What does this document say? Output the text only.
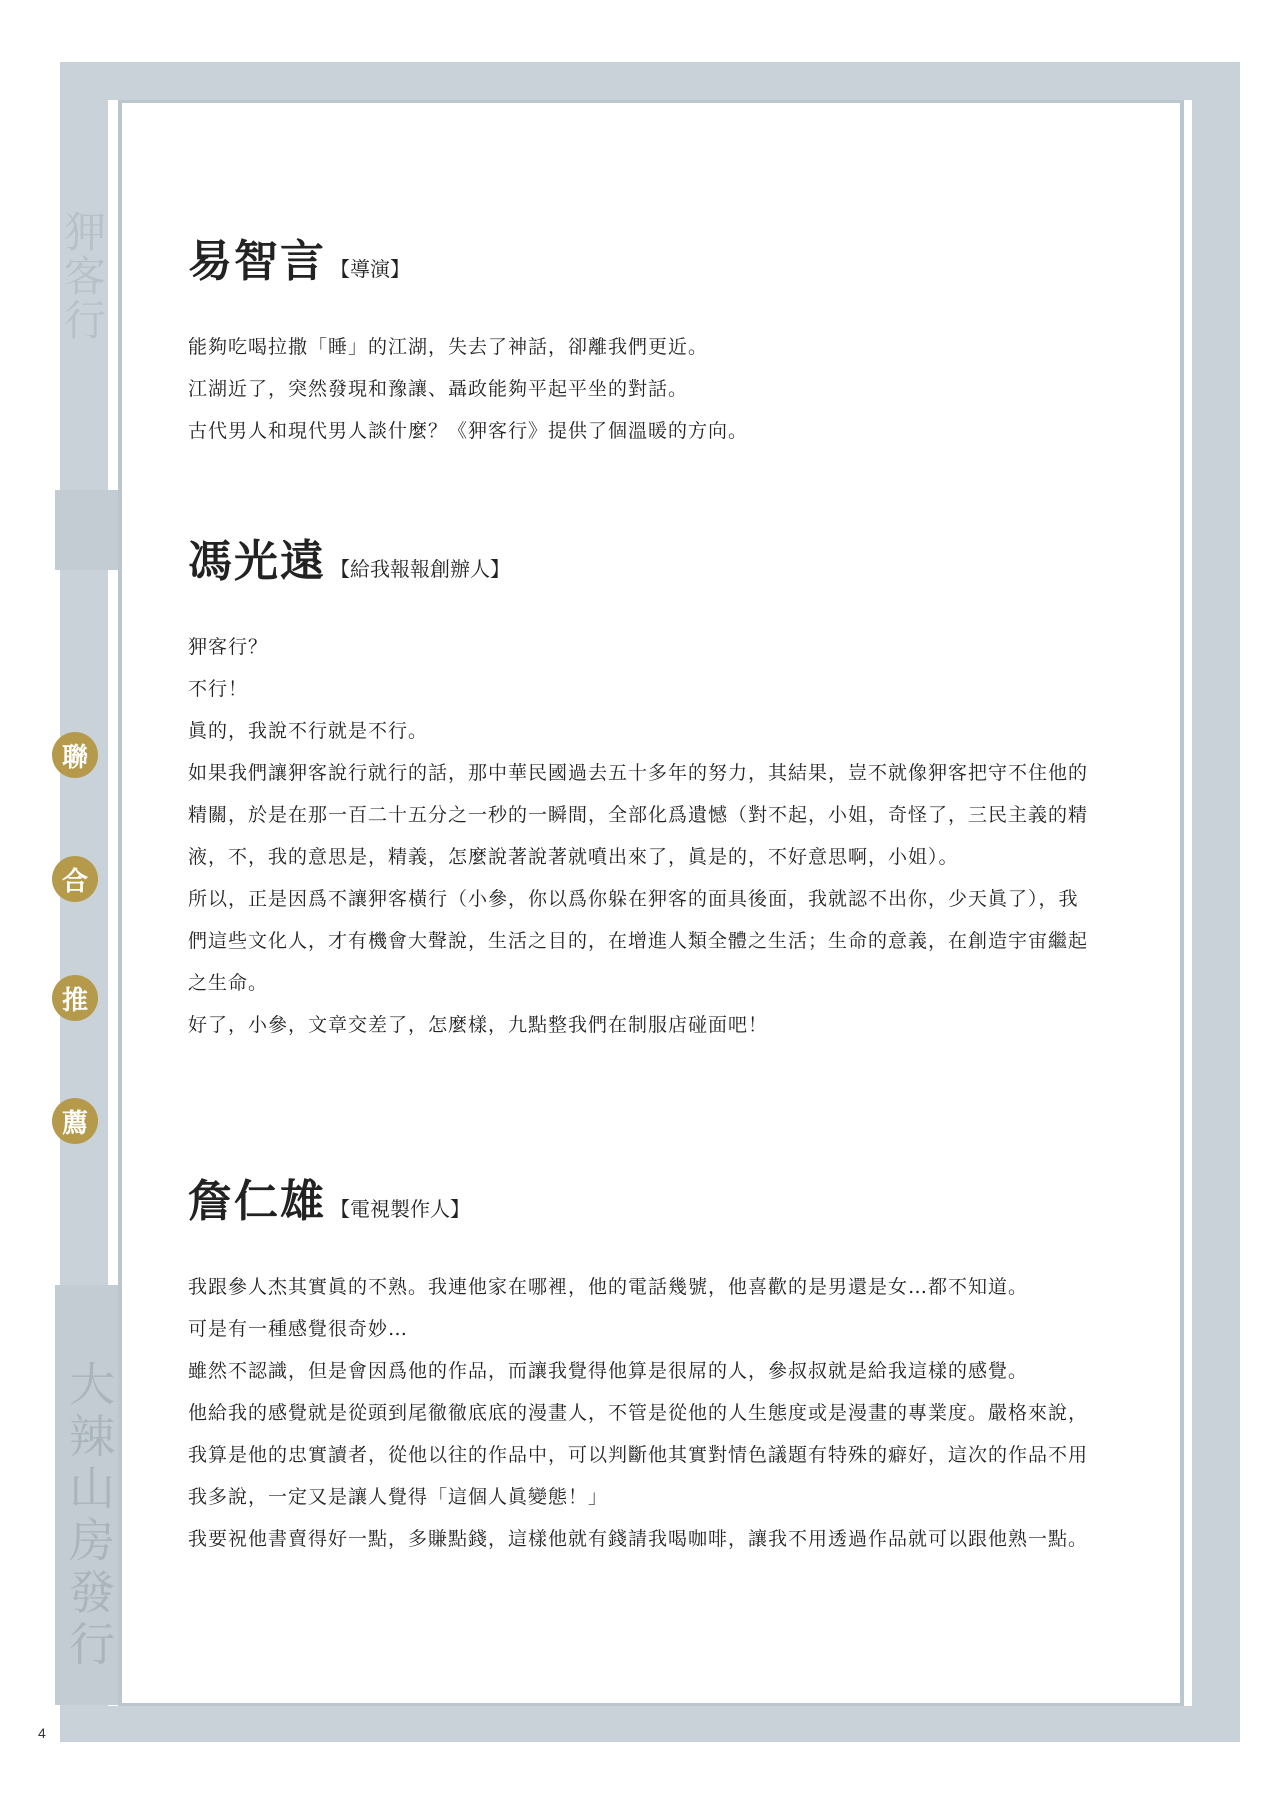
狎客行
大辣山房發行
聯
合
推
薦
4
易智言 【導演】

能夠吃喝拉撒「睡」的江湖，失去了神話，卻離我們更近。

江湖近了，突然發現和豫讓、聶政能夠平起平坐的對話。

古代男人和現代男人談什麼？《狎客行》提供了個溫暖的方向。

馮光遠 【給我報報創辦人】

狎客行？

不行！

眞的，我說不行就是不行。

如果我們讓狎客說行就行的話，那中華民國過去五十多年的努力，其結果，豈不就像狎客把守不住他的精關，於是在那一百二十五分之一秒的一瞬間，全部化爲遺憾（對不起，小姐，奇怪了，三民主義的精液，不，我的意思是，精義，怎麼說著說著就噴出來了，眞是的，不好意思啊，小姐）。

所以，正是因爲不讓狎客橫行（小參，你以爲你躲在狎客的面具後面，我就認不出你，少天眞了），我們這些文化人，才有機會大聲說，生活之目的，在增進人類全體之生活；生命的意義，在創造宇宙繼起之生命。

好了，小參，文章交差了，怎麼樣，九點整我們在制服店碰面吧！

詹仁雄 【電視製作人】

我跟參人杰其實眞的不熟。我連他家在哪裡，他的電話幾號，他喜歡的是男還是女…都不知道。

可是有一種感覺很奇妙…

雖然不認識，但是會因爲他的作品，而讓我覺得他算是很屌的人，參叔叔就是給我這樣的感覺。

他給我的感覺就是從頭到尾徹徹底底的漫畫人，不管是從他的人生態度或是漫畫的專業度。嚴格來說，我算是他的忠實讀者，從他以往的作品中，可以判斷他其實對情色議題有特殊的癖好，這次的作品不用我多說，一定又是讓人覺得「這個人眞變態！」

我要祝他書賣得好一點，多賺點錢，這樣他就有錢請我喝咖啡，讓我不用透過作品就可以跟他熟一點。
